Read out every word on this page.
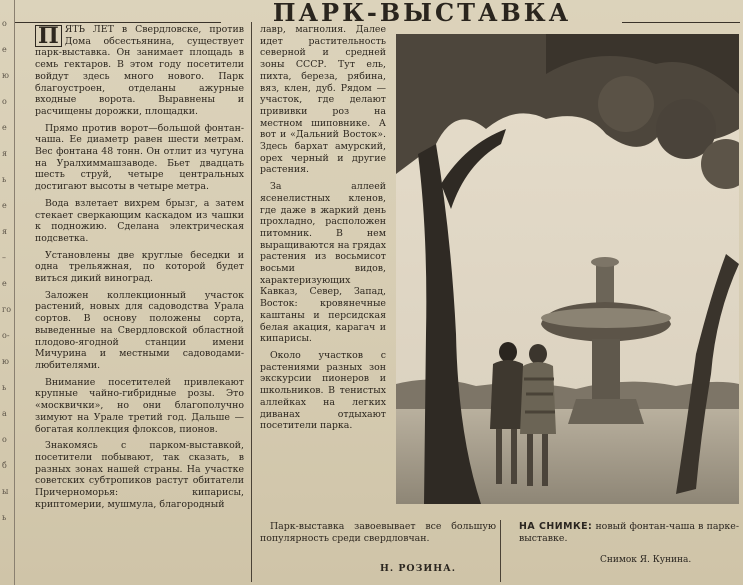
о
е
ю
о
е
я
ь
е
я
–
е
го
о-
ю
ь
а
о
б
ы
ь
ПАРК-ВЫСТАВКА

П ЯТЬ ЛЕТ в Свердловске, против Дома обсестьянина, существует парк-выставка. Он занимает площадь в семь гектаров. В этом году посетители войдут здесь много нового. Парк благоустроен, отделаны ажурные входные ворота. Выравнены и расчищены дорожки, площадки.

Прямо против ворот—большой фонтан-чаша. Ее диаметр равен шести метрам. Вес фонтана 48 тонн. Он отлит из чугуна на Уралхиммашзаводе. Бьет двадцать шесть струй, четыре центральных достигают высоты в четыре метра.

Вода взлетает вихрем брызг, а затем стекает сверкающим каскадом из чашки к подножию. Сделана электрическая подсветка.

Установлены две круглые беседки и одна трельяжная, по которой будет виться дикий виноград.

Заложен коллекционный участок растений, новых для садоводства Урала сортов. В основу положены сорта, выведенные на Свердловской областной плодово-ягодной станции имени Мичурина и местными садоводами-любителями.

Внимание посетителей привлекают крупные чайно-гибридные розы. Это «москвички», но они благополучно зимуют на Урале третий год. Дальше — богатая коллекция флоксов, пионов.

Знакомясь с парком-выставкой, посетители побывают, так сказать, в разных зонах нашей страны. На участке советских субтропиков растут обитатели Причерноморья: кипарисы, криптомерии, мушмула, благородный

лавр, магнолия. Далее идет растительность северной и средней зоны СССР. Тут ель, пихта, береза, рябина, вяз, клен, дуб. Рядом — участок, где делают прививки роз на местном шиповнике. А вот и «Дальний Восток». Здесь бархат амурский, орех черный и другие растения.

За аллеей ясенелистных кленов, где даже в жаркий день прохладно, расположен питомник. В нем выращиваются на грядах растения из восьмисот восьми видов, характеризующих Кавказ, Север, Запад, Восток: кровянечные каштаны и персидская белая акация, карагач и кипарисы.

Около участков с растениями разных зон экскурсии пионеров и школьников. В тенистых аллейках на легких диванах отдыхают посетители парка.

Парк-выставка завоевывает все большую популярность среди свердловчан.

Н. РОЗИНА.
НА СНИМКЕ: новый фонтан-чаша в парке-выставке.
Снимок Я. Кунина.
